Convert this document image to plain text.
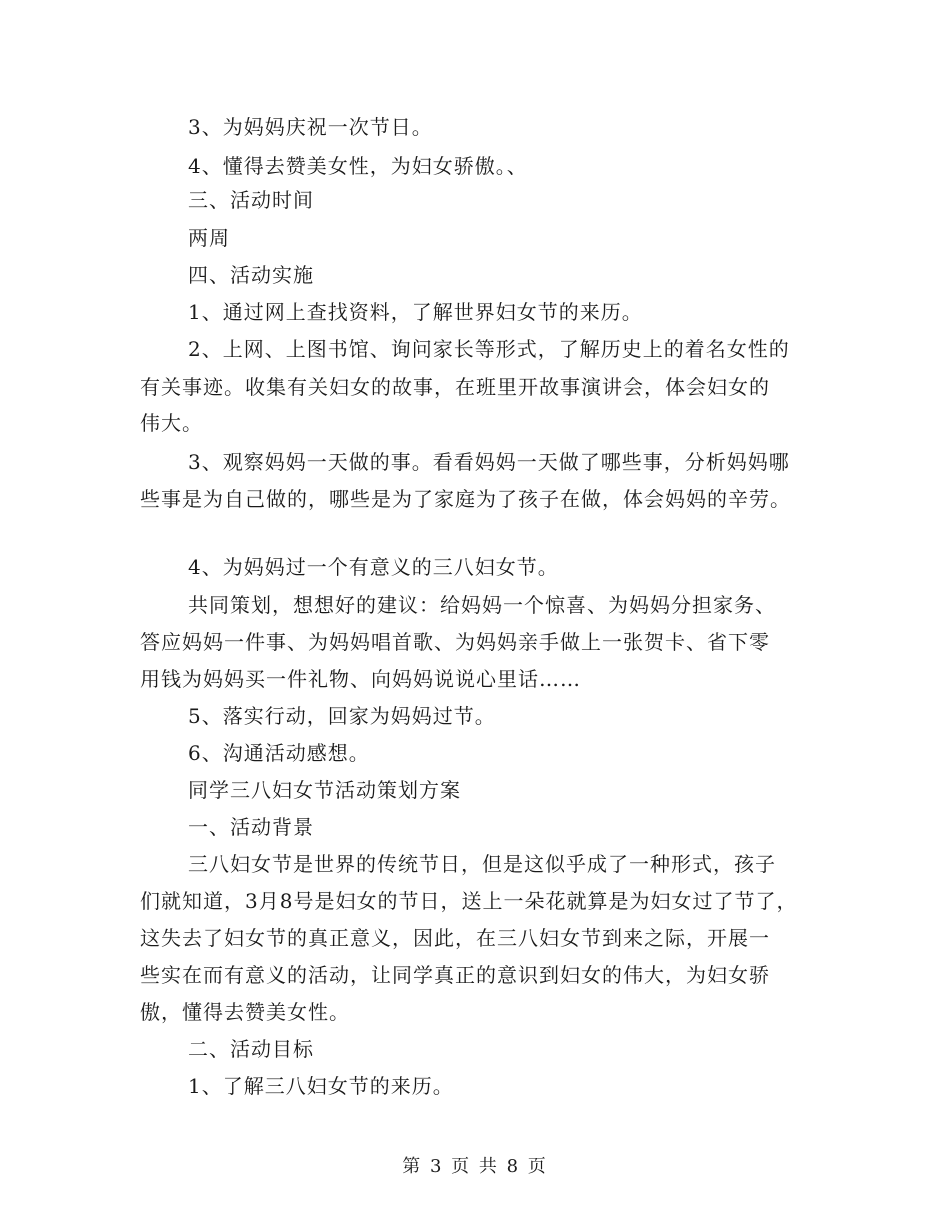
3、为妈妈庆祝一次节日。
4、懂得去赞美女性，为妇女骄傲。、
三、活动时间
两周
四、活动实施
1、通过网上查找资料，了解世界妇女节的来历。
2、上网、上图书馆、询问家长等形式，了解历史上的着名女性的
有关事迹。收集有关妇女的故事，在班里开故事演讲会，体会妇女的
伟大。
3、观察妈妈一天做的事。看看妈妈一天做了哪些事，分析妈妈哪
些事是为自己做的，哪些是为了家庭为了孩子在做，体会妈妈的辛劳。
4、为妈妈过一个有意义的三八妇女节。
共同策划，想想好的建议：给妈妈一个惊喜、为妈妈分担家务、
答应妈妈一件事、为妈妈唱首歌、为妈妈亲手做上一张贺卡、省下零
用钱为妈妈买一件礼物、向妈妈说说心里话……
5、落实行动，回家为妈妈过节。
6、沟通活动感想。
同学三八妇女节活动策划方案
一、活动背景
三八妇女节是世界的传统节日，但是这似乎成了一种形式，孩子
们就知道，3月8号是妇女的节日，送上一朵花就算是为妇女过了节了，
这失去了妇女节的真正意义，因此，在三八妇女节到来之际，开展一
些实在而有意义的活动，让同学真正的意识到妇女的伟大，为妇女骄
傲，懂得去赞美女性。
二、活动目标
1、了解三八妇女节的来历。
第 3 页 共 8 页
